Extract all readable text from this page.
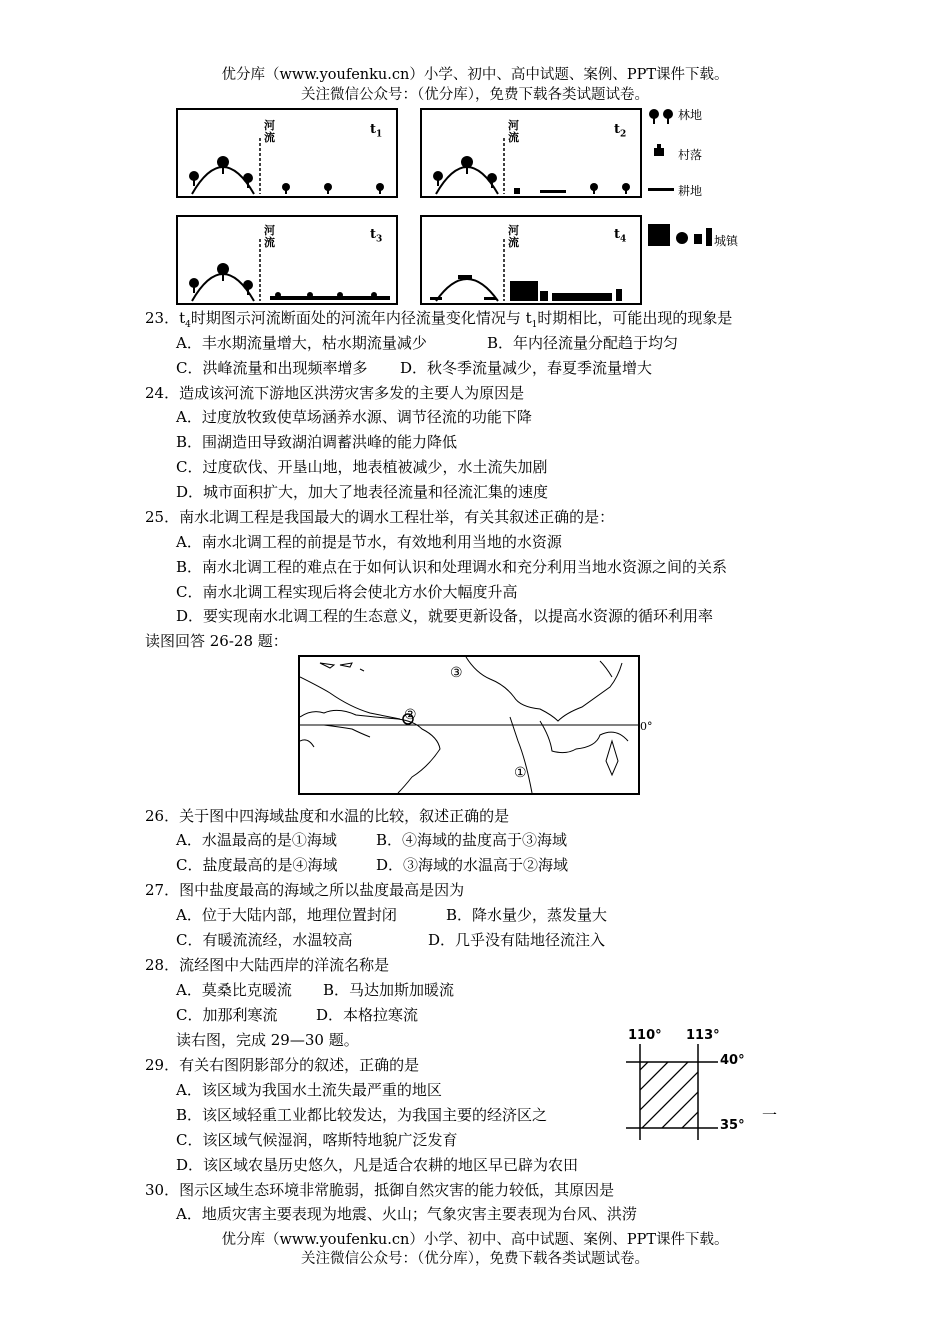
优分库（www.youfenku.cn）小学、初中、高中试题、案例、PPT课件下载。
关注微信公众号：（优分库），免费下载各类试题试卷。
河流
$t_1$
河流
$t_2$
河流
$t_3$
河流
$t_4$
林地
村落
耕地
城镇
23．$t_4$时期图示河流断面处的河流年内径流量变化情况与 $t_1$时期相比，可能出现的现象是
A．丰水期流量增大，枯水期流量减少	B．年内径流量分配趋于均匀
C．洪峰流量和出现频率增多 D．秋冬季流量减少，春夏季流量增大
24．造成该河流下游地区洪涝灾害多发的主要人为原因是
A．过度放牧致使草场涵养水源、调节径流的功能下降
B．围湖造田导致湖泊调蓄洪峰的能力降低
C．过度砍伐、开垦山地，地表植被减少，水土流失加剧
D．城市面积扩大，加大了地表径流量和径流汇集的速度
25．南水北调工程是我国最大的调水工程壮举，有关其叙述正确的是：
A．南水北调工程的前提是节水，有效地利用当地的水资源
B．南水北调工程的难点在于如何认识和处理调水和充分利用当地水资源之间的关系
C．南水北调工程实现后将会使北方水价大幅度升高
D．要实现南水北调工程的生态意义，就要更新设备，以提高水资源的循环利用率
读图回答 26-28 题：
③
②
①
0°
26．关于图中四海域盐度和水温的比较，叙述正确的是
A．水温最高的是①海域	B．④海域的盐度高于③海域
C．盐度最高的是④海域	D．③海域的水温高于②海域
27．图中盐度最高的海域之所以盐度最高是因为
A．位于大陆内部，地理位置封闭	B．降水量少，蒸发量大
C．有暖流流经，水温较高	D．几乎没有陆地径流注入
28．流经图中大陆西岸的洋流名称是
A．莫桑比克暖流 B．马达加斯加暖流
C．加那利寒流	D．本格拉寒流
读右图，完成 29—30 题。	110° 113°
40°
35°
29．有关右图阴影部分的叙述，正确的是
A．该区域为我国水土流失最严重的地区
B．该区域轻重工业都比较发达，为我国主要的经济区之	一
C．该区域气候湿润，喀斯特地貌广泛发育
D．该区域农垦历史悠久，凡是适合农耕的地区早已辟为农田
30．图示区域生态环境非常脆弱，抵御自然灾害的能力较低，其原因是
A．地质灾害主要表现为地震、火山；气象灾害主要表现为台风、洪涝
优分库（www.youfenku.cn）小学、初中、高中试题、案例、PPT课件下载。
关注微信公众号：（优分库），免费下载各类试题试卷。
